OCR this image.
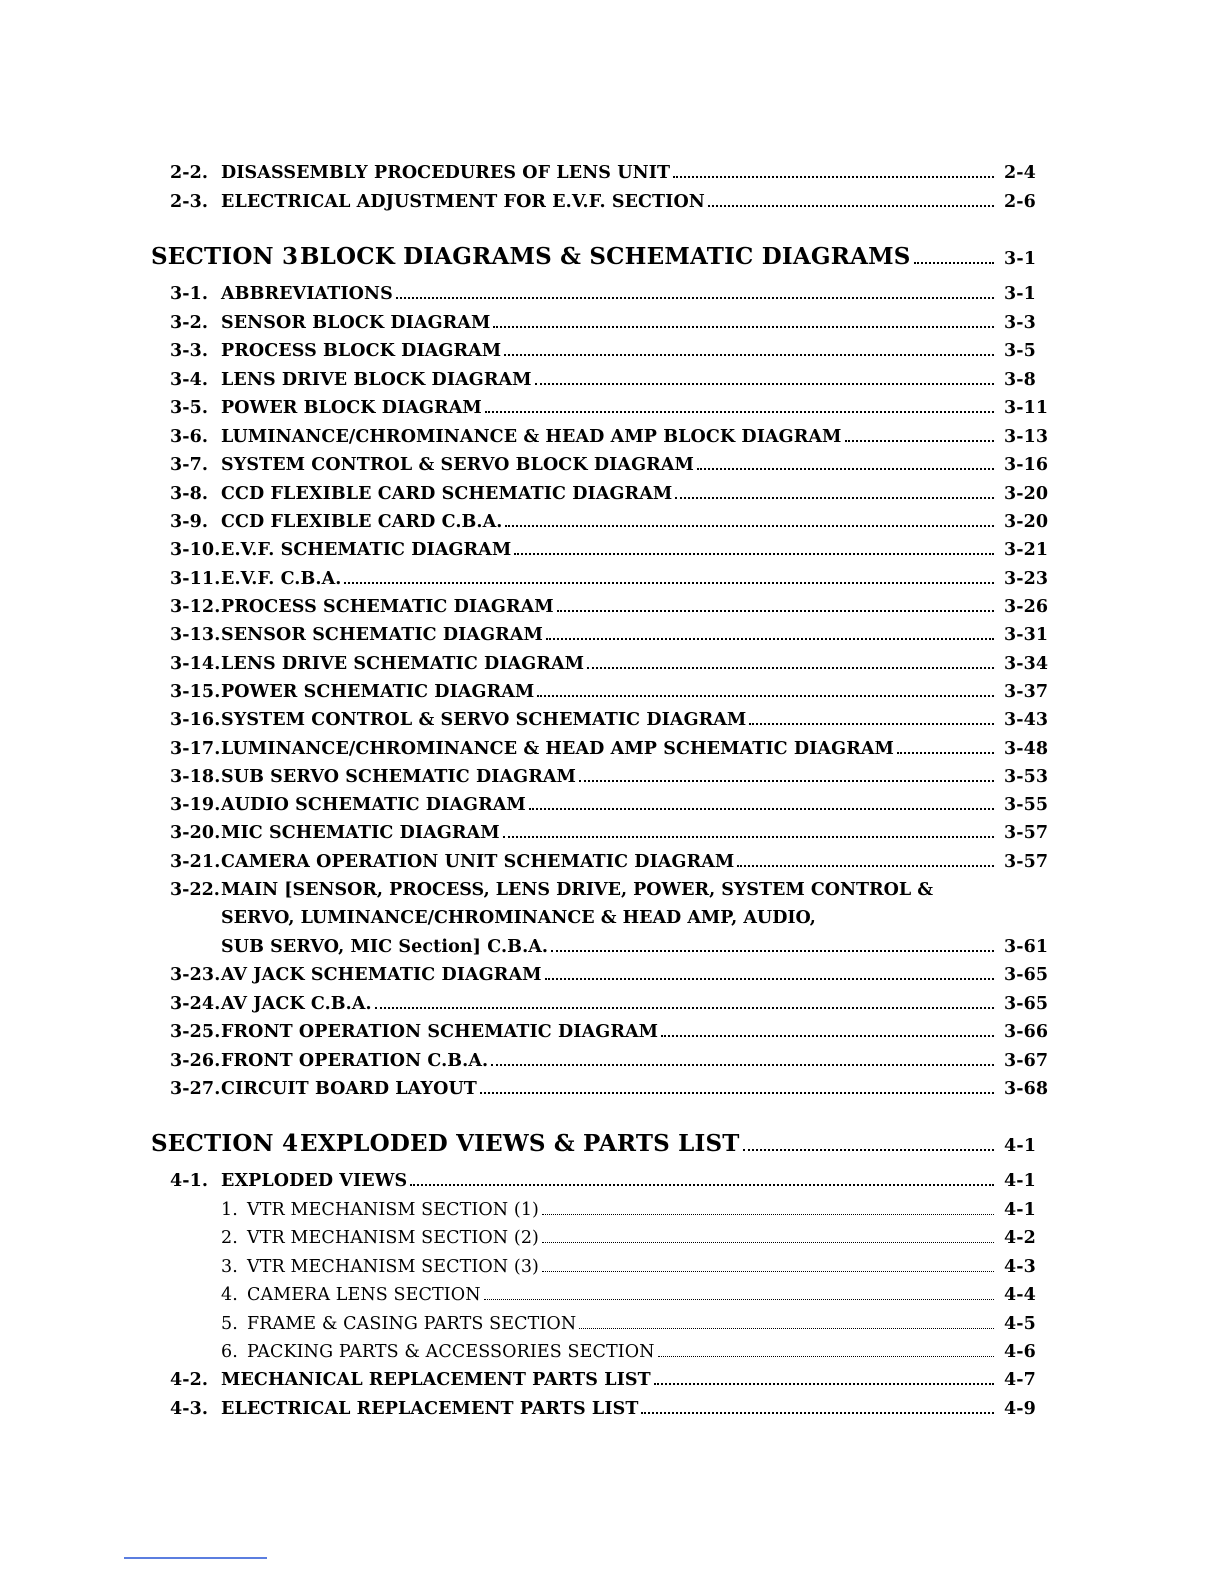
2-2. DISASSEMBLY PROCEDURES OF LENS UNIT	2-4
2-3. ELECTRICAL ADJUSTMENT FOR E.V.F. SECTION	2-6
SECTION 3 BLOCK DIAGRAMS & SCHEMATIC DIAGRAMS	3-1
3-1. ABBREVIATIONS	3-1
3-2. SENSOR BLOCK DIAGRAM	3-3
3-3. PROCESS BLOCK DIAGRAM	3-5
3-4. LENS DRIVE BLOCK DIAGRAM	3-8
3-5. POWER BLOCK DIAGRAM	3-11
3-6. LUMINANCE/CHROMINANCE & HEAD AMP BLOCK DIAGRAM	3-13
3-7. SYSTEM CONTROL & SERVO BLOCK DIAGRAM	3-16
3-8. CCD FLEXIBLE CARD SCHEMATIC DIAGRAM	3-20
3-9. CCD FLEXIBLE CARD C.B.A.	3-20
3-10. E.V.F. SCHEMATIC DIAGRAM	3-21
3-11. E.V.F. C.B.A.	3-23
3-12. PROCESS SCHEMATIC DIAGRAM	3-26
3-13. SENSOR SCHEMATIC DIAGRAM	3-31
3-14. LENS DRIVE SCHEMATIC DIAGRAM	3-34
3-15. POWER SCHEMATIC DIAGRAM	3-37
3-16. SYSTEM CONTROL & SERVO SCHEMATIC DIAGRAM	3-43
3-17. LUMINANCE/CHROMINANCE & HEAD AMP SCHEMATIC DIAGRAM	3-48
3-18. SUB SERVO SCHEMATIC DIAGRAM	3-53
3-19. AUDIO SCHEMATIC DIAGRAM	3-55
3-20. MIC SCHEMATIC DIAGRAM	3-57
3-21. CAMERA OPERATION UNIT SCHEMATIC DIAGRAM	3-57
3-22.MAIN [SENSOR, PROCESS, LENS DRIVE, POWER, SYSTEM CONTROL &
SERVO, LUMINANCE/CHROMINANCE & HEAD AMP, AUDIO,
SUB SERVO, MIC Section] C.B.A.	3-61
3-23. AV JACK SCHEMATIC DIAGRAM	3-65
3-24. AV JACK C.B.A.	3-65
3-25. FRONT OPERATION SCHEMATIC DIAGRAM	3-66
3-26. FRONT OPERATION C.B.A.	3-67
3-27. CIRCUIT BOARD LAYOUT	3-68
SECTION 4 EXPLODED VIEWS & PARTS LIST	4-1
4-1. EXPLODED VIEWS	4-1
1. VTR MECHANISM SECTION (1)	4-1
2. VTR MECHANISM SECTION (2)	4-2
3. VTR MECHANISM SECTION (3)	4-3
4. CAMERA LENS SECTION	4-4
5. FRAME & CASING PARTS SECTION	4-5
6. PACKING PARTS & ACCESSORIES SECTION	4-6
4-2. MECHANICAL REPLACEMENT PARTS LIST	4-7
4-3. ELECTRICAL REPLACEMENT PARTS LIST	4-9
